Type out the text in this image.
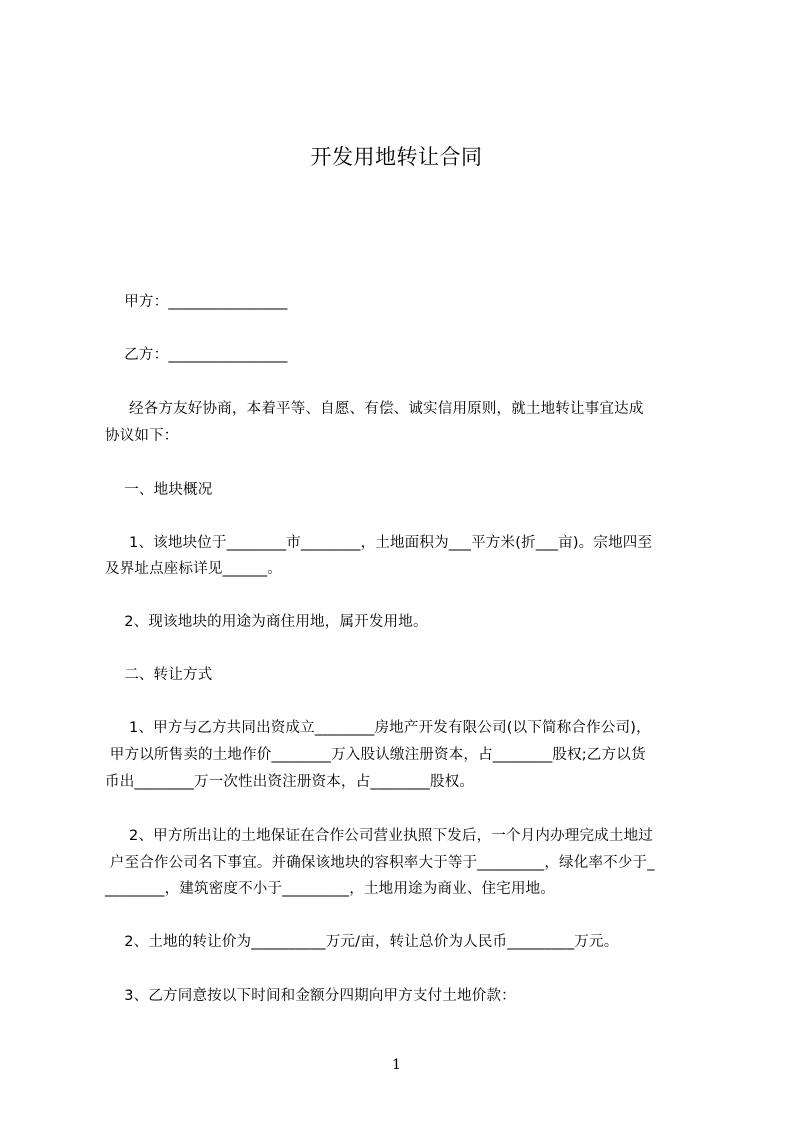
开发用地转让合同
甲方：________________
乙方：________________
经各方友好协商，本着平等、自愿、有偿、诚实信用原则，就土地转让事宜达成
协议如下：
一、地块概况
1、该地块位于________市________，土地面积为___平方米(折___亩)。宗地四至
及界址点座标详见______。
2、现该地块的用途为商住用地，属开发用地。
二、转让方式
1、甲方与乙方共同出资成立________房地产开发有限公司(以下简称合作公司)，
甲方以所售卖的土地作价________万入股认缴注册资本，占________股权;乙方以货
币出________万一次性出资注册资本，占________股权。
2、甲方所出让的土地保证在合作公司营业执照下发后，一个月内办理完成土地过
户至合作公司名下事宜。并确保该地块的容积率大于等于_________，绿化率不少于_
________，建筑密度不小于_________，土地用途为商业、住宅用地。
2、土地的转让价为__________万元/亩，转让总价为人民币_________万元。
3、乙方同意按以下时间和金额分四期向甲方支付土地价款：
1
